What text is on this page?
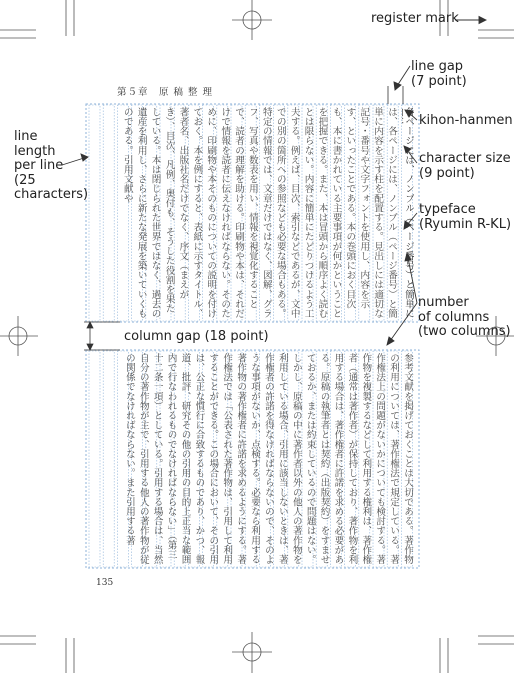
第５章　原 稿 整 理
135
は、各ページには、ノンブル（ページ番号）と簡単に内容を示す柱を配置する。見出しには適切な記号・番号や文字フォントを使用し、内容を示す、といったことである。本の巻頭におく目次も、本に書かれている主要事項が何かということを把握できる。また、本は冒頭から順序よく読むとは限らない。内容に簡単にたどりつけるよう工夫する。例えば、目次、索引などであるが、文中での別の箇所への参照なども必要な場合もある。特定の情報では、文章だけではなく、図解、グラフ、写真や数表を用い、情報を視覚化することで、読者の理解を助ける。印刷物や本は、それだけで情報を読者に伝えなければならない。そのために、印刷物や本そのものについての説明を付けておく。本を例にすると、表紙に示すタイトル、著者名、出版社名だけでなく、序文（まえがき）、目次、凡例、奥付も、そうした役割を果たしている。本は閉じられた世界ではなく、過去の遺産を利用し、さらに新たな発展を築いていくものである。引用文献や
参考文献を掲げておくことは大切である。著作物の利用については、著作権法で規定している。著作権法上の問題がないかについても検討する。著作物を複製するなどして利用する権利は、著作権者（通常は著作者）が保持しており、著作物を利用する場合は、著作権者に許諾を求める必要がある。原稿の執筆者とは契約（出版契約）をすませておるか、または約束しているので問題はない。しかし、原稿の中に著作者以外の他人の著作物を利用している場合、引用に該当しないときは、著作権者の許諾を得なければならないので、そのような事項がないか、点検する。必要なら利用する著作物の著作権者に許諾を求めるようにする。著作権法では「公表された著作物は、引用して利用することができる。この場合において、その引用は、公正な慣行に合致するものであり、かつ、報道、批評、研究その他の引用の目的上正当な範囲内で行なわれるものでなければならない」（第三十二条一項）としている。引用する場合は、当然自分の著作物が主で、引用する他人の著作物が従の関係でなければならない。また引用する著
各ページには、ノンブル（ページ番号）と簡単に
register mark
line gap
(7 point)
kihon-hanmen
character size
(9 point)
typeface
(Ryumin R-KL)
line
length
per line
(25
characters)
column gap (18 point)
number
of columns
(two columns)
